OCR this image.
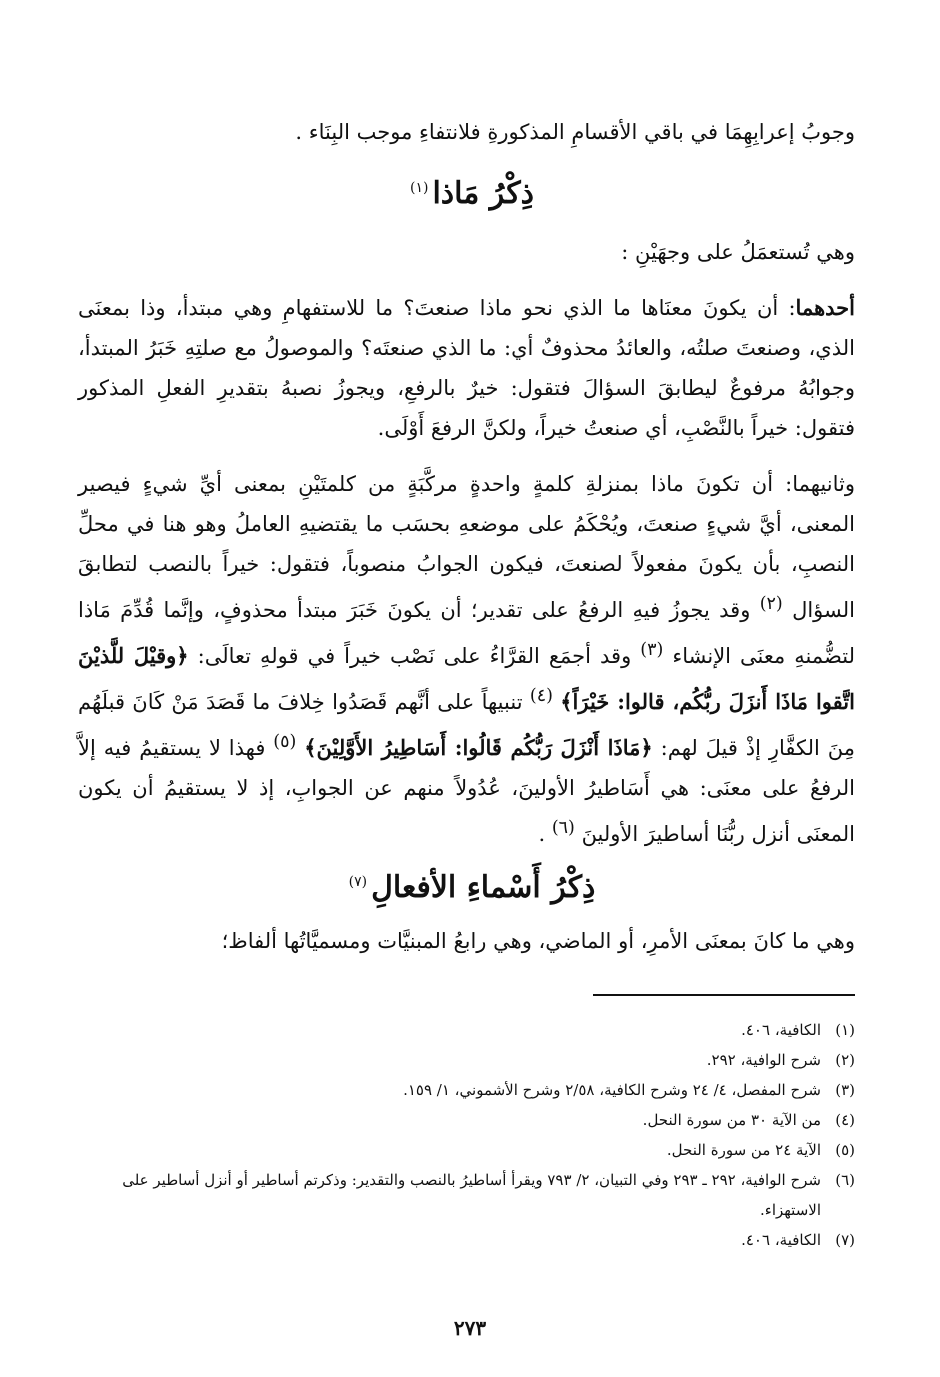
وجوبُ إعرابِهِمَا في باقي الأقسامِ المذكورةِ فلانتفاءِ موجب البِنَاء .
ذِكْرُ مَاذا$^{(١)}$
وهي تُستعمَلُ على وجهَيْنِ :
أحدهما: أن يكونَ معنَاها ما الذي نحو ماذا صنعتَ؟ ما للاستفهامِ وهي مبتدأ، وذا بمعنَى الذي، وصنعتَ صلتُه، والعائدُ محذوفٌ أي: ما الذي صنعتَه؟ والموصولُ مع صلتِهِ خَبَرُ المبتدأ، وجوابُهُ مرفوعٌ ليطابقَ السؤالَ فتقول: خيرٌ بالرفعِ، ويجوزُ نصبهُ بتقديرِ الفعلِ المذكور فتقول: خيراً بالنَّصْبِ، أي صنعتُ خيراً، ولكنَّ الرفعَ أَوْلَى.
وثانيهما: أن تكونَ ماذا بمنزلةِ كلمةٍ واحدةٍ مركَّبَةٍ من كلمتَيْنِ بمعنى أيِّ شيءٍ فيصير المعنى، أيَّ شيءٍ صنعتَ، ويُحْكَمُ على موضعهِ بحسَب ما يقتضيهِ العاملُ وهو هنا في محلِّ النصبِ، بأن يكونَ مفعولاً لصنعتَ، فيكون الجوابُ منصوباً، فتقول: خيراً بالنصب لتطابقَ السؤال $^{(٢)}$ وقد يجوزُ فيهِ الرفعُ على تقدير؛ أن يكونَ خَبَرَ مبتدأ محذوفٍ، وإنَّما قُدِّمَ مَاذا لتضُّمنهِ معنَى الإنشاء $^{(٣)}$ وقد أجمَع القرَّاءُ على نَصْب خيراً في قولهِ تعالَى: ﴿وقيْلَ للَّذيْنَ اتَّقوا مَاذَا أَنزَلَ ربُّكُم، قالوا: خَيْرَاً﴾ $^{(٤)}$ تنبيهاً على أنَّهم قَصَدُوا خِلافَ ما قَصَدَ مَنْ كَانَ قبلَهُم مِنَ الكفَّارِ إذْ قيلَ لهم: ﴿مَاذَا أَنْزَلَ رَبُّكُم قَالُوا: أَسَاطِيرُ الأَوَّلِيْنَ﴾ $^{(٥)}$ فهذا لا يستقيمُ فيه إلاَّ الرفعُ على معنَى: هي أَسَاطيرُ الأولينَ، عُدُولاً منهم عن الجوابِ، إذ لا يستقيمُ أن يكون المعنَى أنزل ربُّنَا أساطيرَ الأولينَ $^{(٦)}$ .
ذِكْرُ أَسْماءِ الأفعالِ$^{(٧)}$
وهي ما كانَ بمعنَى الأمرِ، أو الماضي، وهي رابعُ المبنيَّات ومسميَّاتُها ألفاظ؛
(١)
الكافية، ٤٠٦.
(٢)
شرح الوافية، ٢٩٢.
(٣)
شرح المفصل، ٤/ ٢٤ وشرح الكافية، ٢/٥٨ وشرح الأشموني، ١/ ١٥٩.
(٤)
من الآية ٣٠ من سورة النحل.
(٥)
الآية ٢٤ من سورة النحل.
(٦)
شرح الوافية، ٢٩٢ ـ ٢٩٣ وفي التبيان، ٢/ ٧٩٣ ويقرأ أساطيرُ بالنصب والتقدير: وذكرتم أساطير أو أنزل أساطير على الاستهزاء.
(٧)
الكافية، ٤٠٦.
٢٧٣
